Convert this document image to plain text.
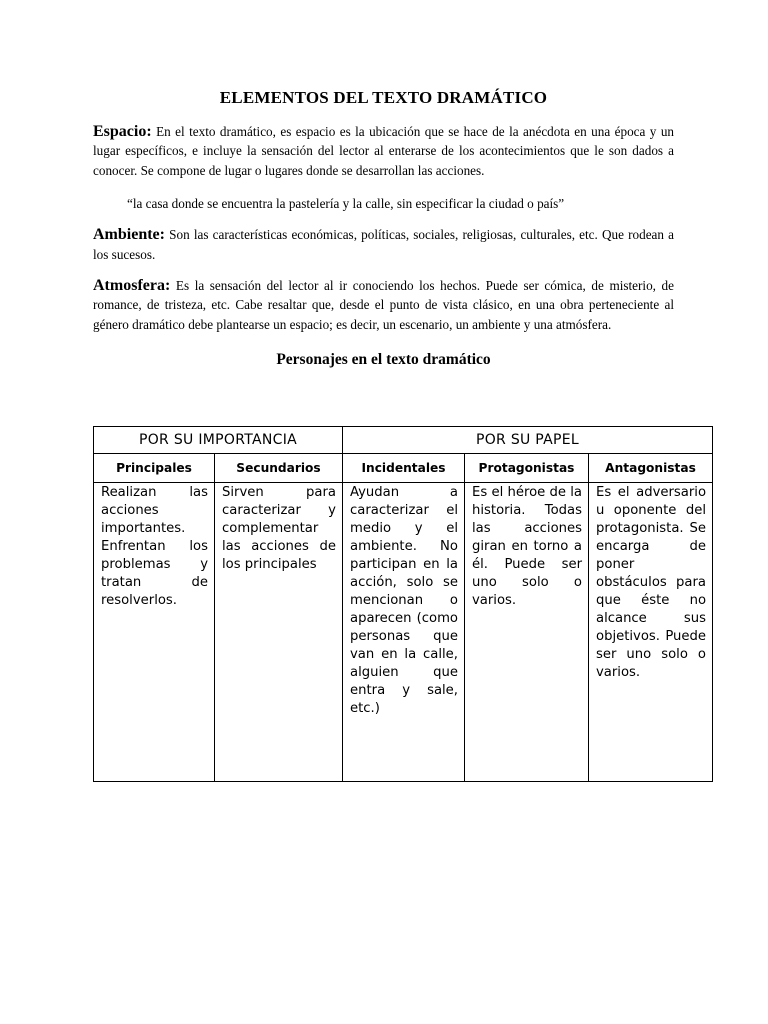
ELEMENTOS DEL TEXTO DRAMÁTICO

Espacio: En el texto dramático, es espacio es la ubicación que se hace de la anécdota en una época y un lugar específicos, e incluye la sensación del lector al enterarse de los acontecimientos que le son dados a conocer. Se compone de lugar o lugares donde se desarrollan las acciones.

“la casa donde se encuentra la pastelería y la calle, sin especificar la ciudad o país”

Ambiente: Son las características económicas, políticas, sociales, religiosas, culturales, etc. Que rodean a los sucesos.

Atmosfera: Es la sensación del lector al ir conociendo los hechos. Puede ser cómica, de misterio, de romance, de tristeza, etc. Cabe resaltar que, desde el punto de vista clásico, en una obra perteneciente al género dramático debe plantearse un espacio; es decir, un escenario, un ambiente y una atmósfera.

Personajes en el texto dramático
POR SU IMPORTANCIA		POR SU PAPEL		
Principales	Secundarios	Incidentales	Protagonistas	Antagonistas

Realizan las acciones importantes. Enfrentan los problemas y tratan de resolverlos.	Sirven para caracterizar y complementar las acciones de los principales	Ayudan a caracterizar el medio y el ambiente. No participan en la acción, solo se mencionan o aparecen (como personas que van en la calle, alguien que entra y sale, etc.)	Es el héroe de la historia. Todas las acciones giran en torno a él. Puede ser uno solo o varios.	Es el adversario u oponente del protagonista. Se encarga de poner obstáculos para que éste no alcance sus objetivos. Puede ser uno solo o varios.
